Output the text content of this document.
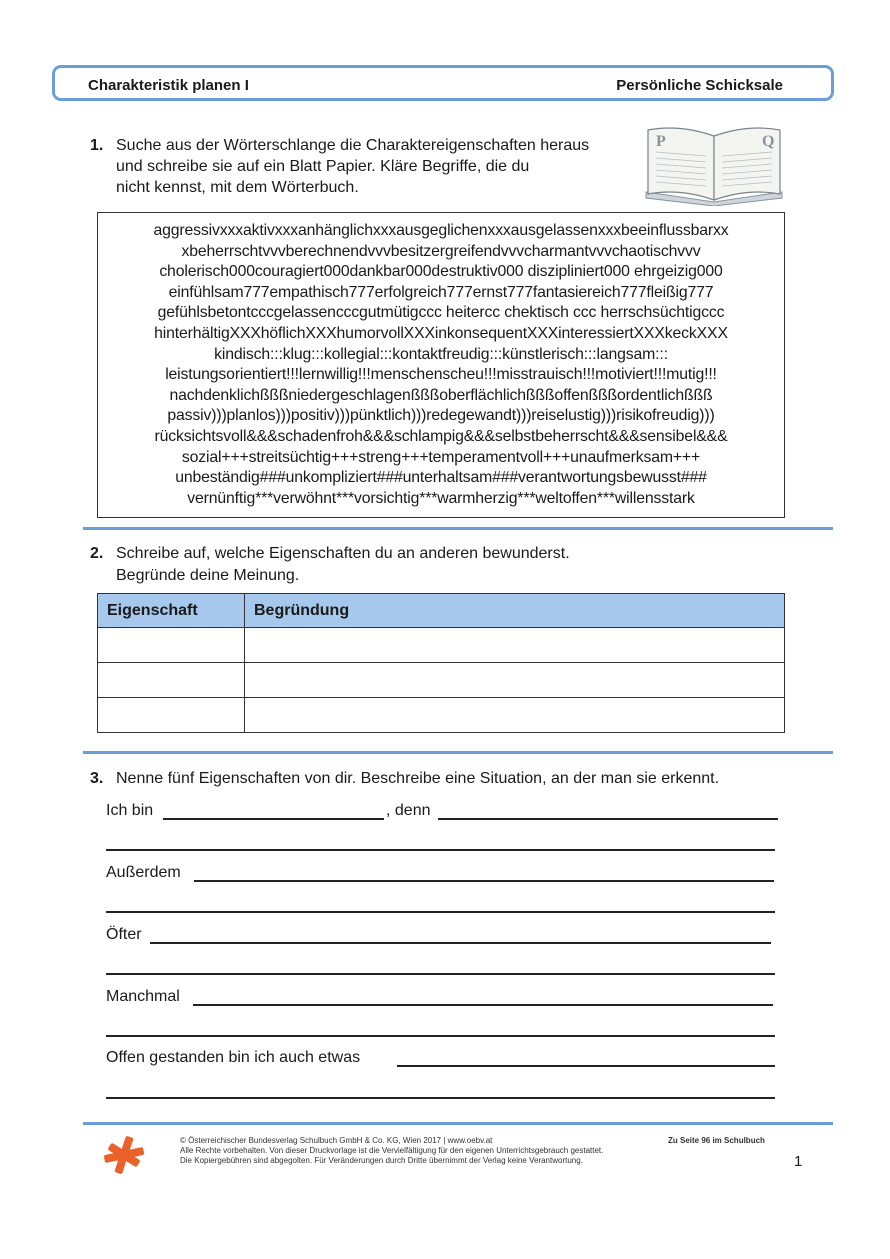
Charakteristik planen I	Persönliche Schicksale
1. Suche aus der Wörterschlange die Charaktereigenschaften heraus
und schreibe sie auf ein Blatt Papier. Kläre Begriffe, die du
nicht kennst, mit dem Wörterbuch.
P	Q
aggressivxxxaktivxxxanhänglichxxxausgeglichenxxxausgelassenxxxbeeinflussbarxx
xbeherrschtvvvberechnendvvvbesitzergreifendvvvcharmantvvvchaotischvvv
cholerisch000couragiert000dankbar000destruktiv000 diszipliniert000 ehrgeizig000
einfühlsam777empathisch777erfolgreich777ernst777fantasiereich777fleißig777
gefühlsbetontcccgelassencccgutmütigccc heitercc chektisch ccc herrschsüchtigccc
hinterhältigXXXhöflichXXXhumorvollXXXinkonsequentXXXinteressiertXXXkeckXXX
kindisch:::klug:::kollegial:::kontaktfreudig:::künstlerisch:::langsam:::
leistungsorientiert!!!lernwillig!!!menschenscheu!!!misstrauisch!!!motiviert!!!mutig!!!
nachdenklichßßßniedergeschlagenßßßoberflächlichßßßoffenßßßordentlichßßß
passiv)))planlos)))positiv)))pünktlich)))redegewandt)))reiselustig)))risikofreudig)))
rücksichtsvoll&&&schadenfroh&&&schlampig&&&selbstbeherrscht&&&sensibel&&&
sozial+++streitsüchtig+++streng+++temperamentvoll+++unaufmerksam+++
unbeständig###unkompliziert###unterhaltsam###verantwortungsbewusst###
vernünftig***verwöhnt***vorsichtig***warmherzig***weltoffen***willensstark
2. Schreibe auf, welche Eigenschaften du an anderen bewunderst.
Begründe deine Meinung.
Eigenschaft	Begründung

3. Nenne fünf Eigenschaften von dir. Beschreibe eine Situation, an der man sie erkennt.
Ich bin	, denn
Außerdem
Öfter
Manchmal
Offen gestanden bin ich auch etwas
© Österreichischer Bundesverlag Schulbuch GmbH & Co. KG, Wien 2017 | www.oebv.at
Alle Rechte vorbehalten. Von dieser Druckvorlage ist die Vervielfältigung für den eigenen Unterrichtsgebrauch gestattet.
Die Kopiergebühren sind abgegolten. Für Veränderungen durch Dritte übernimmt der Verlag keine Verantwortung.
Zu Seite 96 im Schulbuch
1
